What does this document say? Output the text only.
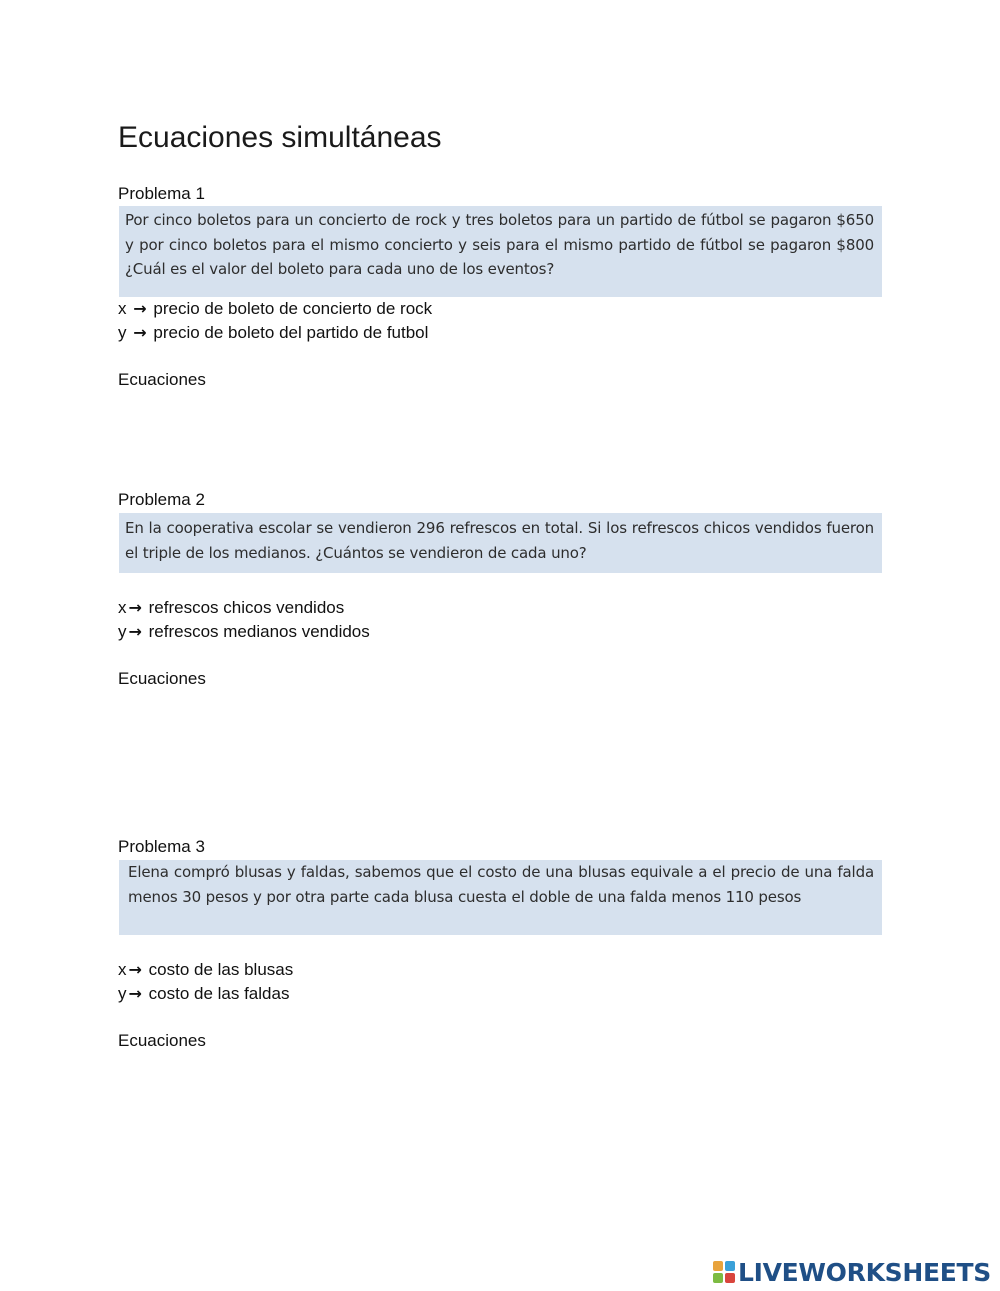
Ecuaciones simultáneas
Problema 1
Por cinco boletos para un concierto de rock y tres boletos para un partido de fútbol se pagaron $650 y por cinco boletos para el mismo concierto y seis para el mismo partido de fútbol se pagaron $800 ¿Cuál es el valor del boleto para cada uno de los eventos?
x → precio de boleto de concierto de rock
y → precio de boleto del partido de futbol
Ecuaciones
Problema 2
En la cooperativa escolar se vendieron 296 refrescos en total. Si los refrescos chicos vendidos fueron el triple de los medianos. ¿Cuántos se vendieron de cada uno?
x → refrescos chicos vendidos
y → refrescos medianos vendidos
Ecuaciones
Problema 3
Elena compró blusas y faldas, sabemos que el costo de una blusas equivale a el precio de una falda menos 30 pesos y por otra parte cada blusa cuesta el doble de una falda menos 110 pesos
x → costo de las blusas
y → costo de las faldas
Ecuaciones
LIVEWORKSHEETS
